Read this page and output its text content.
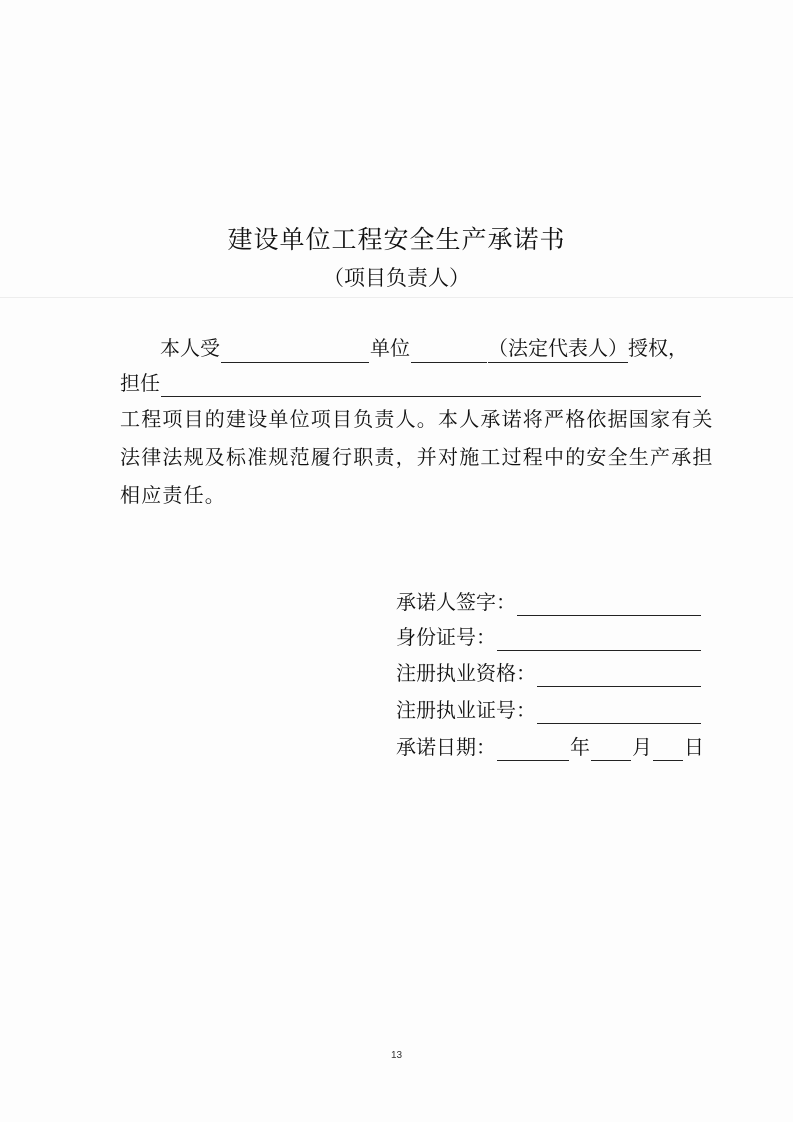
建设单位工程安全生产承诺书
（项目负责人）
本人受	单位	（法定代表人）授权，
担任
工程项目的建设单位项目负责人。本人承诺将严格依据国家有关
法律法规及标准规范履行职责，并对施工过程中的安全生产承担
相应责任。
承诺人签字：
身份证号：
注册执业资格：
注册执业证号：
承诺日期：	年 月 日
13
